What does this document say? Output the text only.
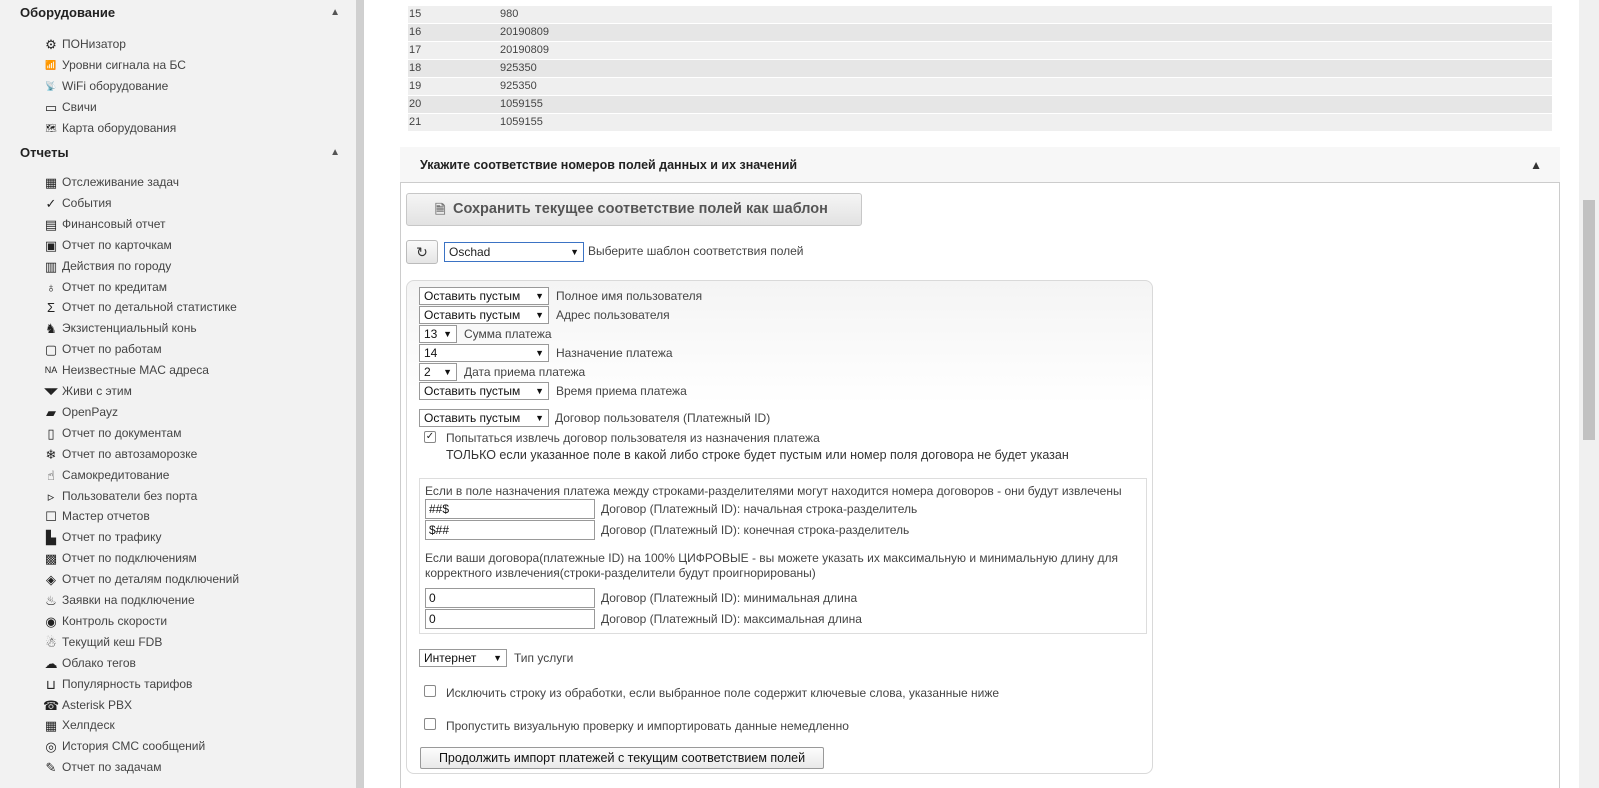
Оборудование	▲
⚙ ПОНизатор
📶 Уровни сигнала на БС
📡 WiFi оборудование
▭ Свичи
🗺 Карта оборудования
Отчеты	▲
▦ Отслеживание задач
✓ События
▤ Финансовый отчет
▣ Отчет по карточкам
▥ Действия по городу
♁ Отчет по кредитам
Σ Отчет по детальной статистике
♞ Экзистенциальный конь
▢ Отчет по работам
NA Неизвестные MAC адреса
◥◤ Живи с этим
▰ OpenPayz
▯ Отчет по документам
❄ Отчет по автозаморозке
☝ Самокредитование
▹ Пользователи без порта
☐ Мастер отчетов
▙ Отчет по трафику
▩ Отчет по подключениям
◈ Отчет по деталям подключений
♨ Заявки на подключение
◉ Контроль скорости
☃ Текущий кеш FDB
☁ Облако тегов
⊔ Популярность тарифов
☎ Asterisk PBX
▦ Хелпдеск
◎ История СМС сообщений
✎ Отчет по задачам
15	980
16	20190809
17	20190809
18	925350
19	925350
20	1059155
21	1059155
Укажите соответствие номеров полей данных и их значений	▲
🗎 Сохранить текущее соответствие полей как шаблон
↻	Oschad	▼ Выберите шаблон соответствия полей
Оставить пустым ▼ Полное имя пользователя
Оставить пустым ▼ Адрес пользователя
13 ▼ Сумма платежа
14	▼ Назначение платежа
2 ▼ Дата приема платежа
Оставить пустым ▼ Время приема платежа
Оставить пустым ▼ Договор пользователя (Платежный ID)
✓ Попытаться извлечь договор пользователя из назначения платежа
ТОЛЬКО если указанное поле в какой либо строке будет пустым или номер поля договора не будет указан
Если в поле назначения платежа между строками-разделителями могут находится номера договоров - они будут извлечены
##$	Договор (Платежный ID): начальная строка-разделитель
$##	Договор (Платежный ID): конечная строка-разделитель
Если ваши договора(платежные ID) на 100% ЦИФРОВЫЕ - вы можете указать их максимальную и минимальную длину для корректного извлечения(строки-разделители будут проигнорированы)
0	Договор (Платежный ID): минимальная длина
0	Договор (Платежный ID): максимальная длина
Интернет ▼ Тип услуги
Исключить строку из обработки, если выбранное поле содержит ключевые слова, указанные ниже
Пропустить визуальную проверку и импортировать данные немедленно
Продолжить импорт платежей с текущим соответствием полей
